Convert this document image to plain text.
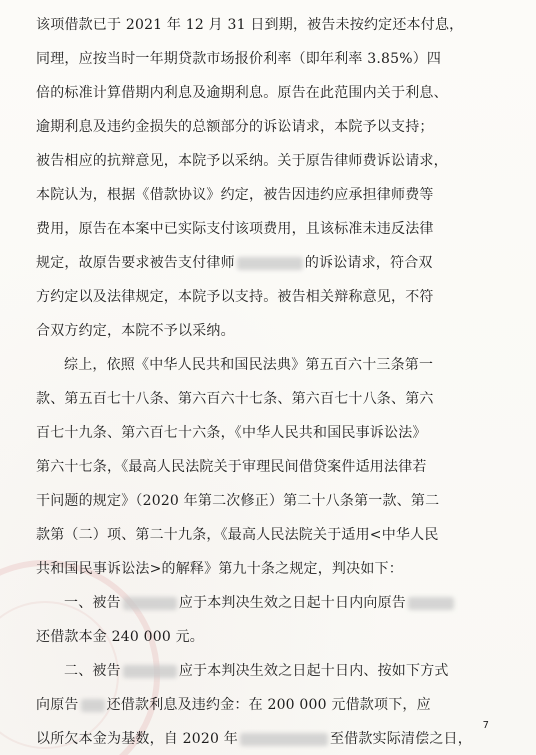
该项借款已于 2021 年 12 月 31 日到期，被告未按约定还本付息，
同理，应按当时一年期贷款市场报价利率（即年利率 3.85%）四
倍的标准计算借期内利息及逾期利息。原告在此范围内关于利息、
逾期利息及违约金损失的总额部分的诉讼请求，本院予以支持；
被告相应的抗辩意见，本院予以采纳。关于原告律师费诉讼请求，
本院认为，根据《借款协议》约定，被告因违约应承担律师费等
费用，原告在本案中已实际支付该项费用，且该标准未违反法律
规定，故原告要求被告支付律师	的诉讼请求，符合双
方约定以及法律规定，本院予以支持。被告相关辩称意见，不符
合双方约定，本院不予以采纳。
综上，依照《中华人民共和国民法典》第五百六十三条第一
款、第五百七十八条、第六百六十七条、第六百七十八条、第六
百七十九条、第六百七十六条，《中华人民共和国民事诉讼法》
第六十七条，《最高人民法院关于审理民间借贷案件适用法律若
干问题的规定》（2020 年第二次修正）第二十八条第一款、第二
款第（二）项、第二十九条，《最高人民法院关于适用<中华人民
共和国民事诉讼法>的解释》第九十条之规定，判决如下：
一、被告	应于本判决生效之日起十日内向原告
还借款本金 240 000 元。
二、被告	应于本判决生效之日起十日内、按如下方式
向原告 还借款利息及违约金：在 200 000 元借款项下，应
以所欠本金为基数，自 2020 年	至借款实际清偿之日，
7
